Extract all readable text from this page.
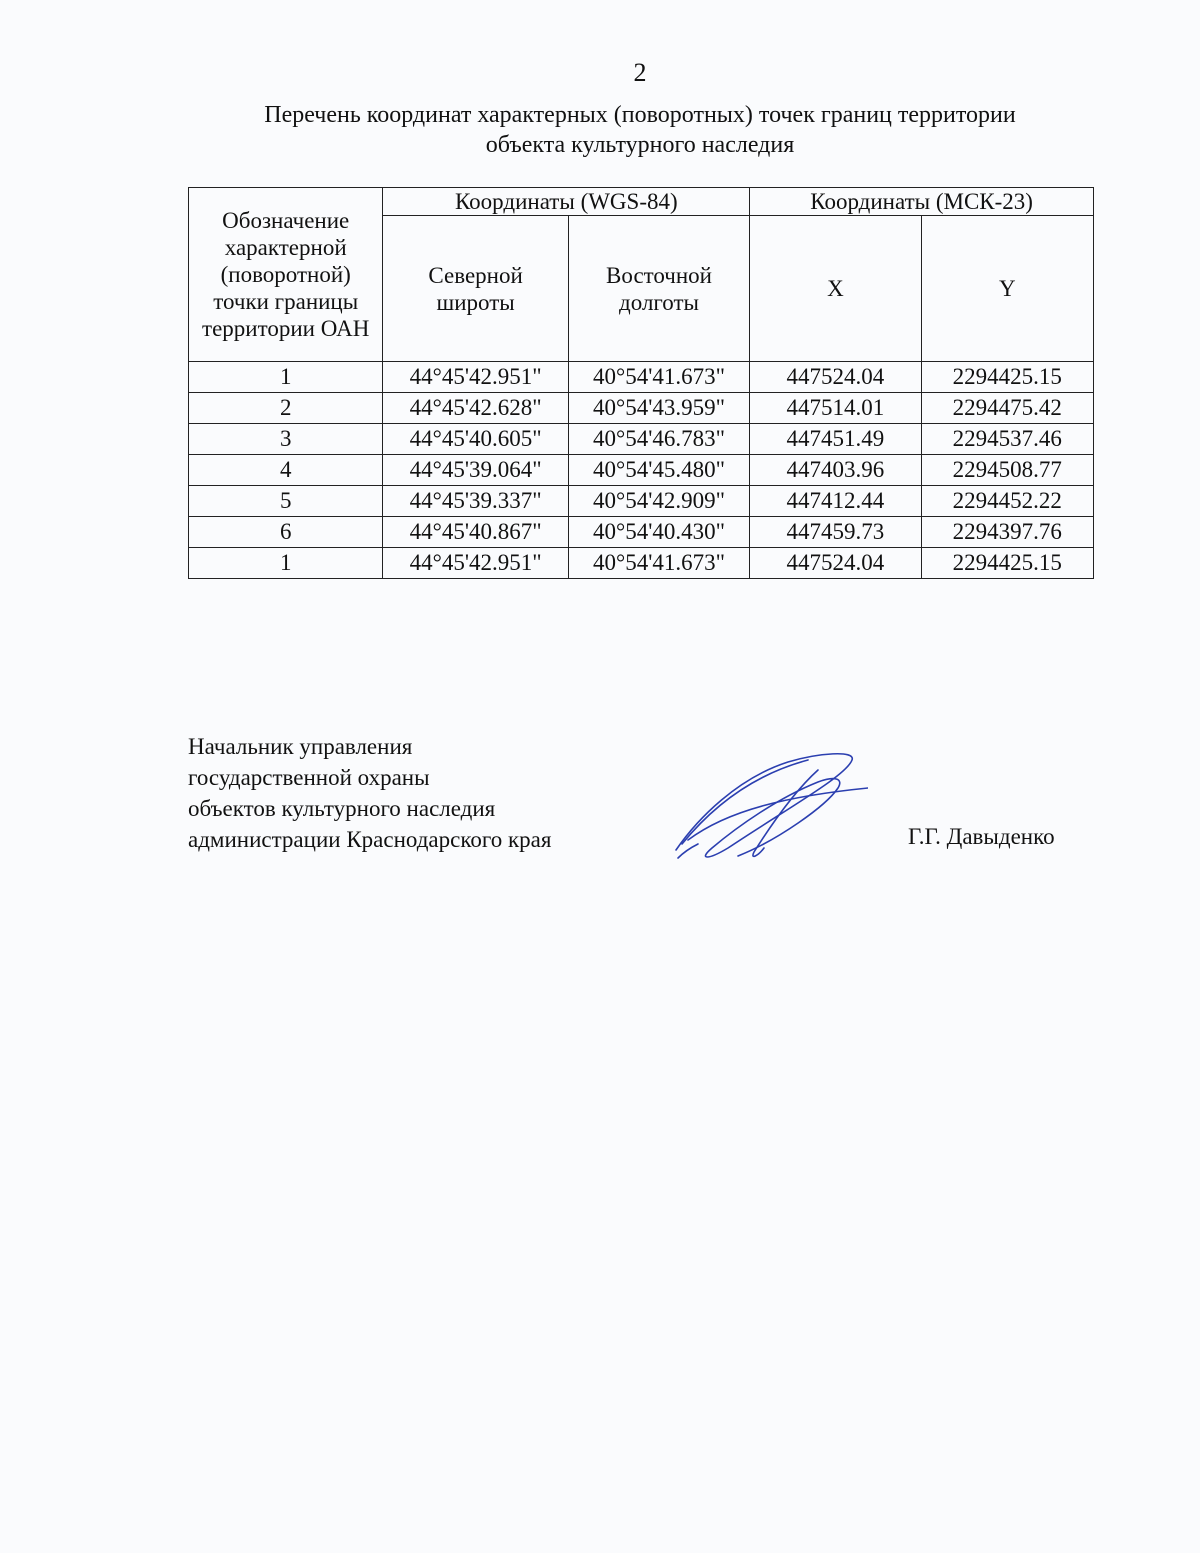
2
Перечень координат характерных (поворотных) точек границ территории
объекта культурного наследия
Обозначение характерной (поворотной) точки границы территории ОАН	Координаты (WGS-84)		Координаты (МСК-23)	
	Северной широты	Восточной долготы	X	Y
1	44°45'42.951"	40°54'41.673"	447524.04	2294425.15
2	44°45'42.628"	40°54'43.959"	447514.01	2294475.42
3	44°45'40.605"	40°54'46.783"	447451.49	2294537.46
4	44°45'39.064"	40°54'45.480"	447403.96	2294508.77
5	44°45'39.337"	40°54'42.909"	447412.44	2294452.22
6	44°45'40.867"	40°54'40.430"	447459.73	2294397.76
1	44°45'42.951"	40°54'41.673"	447524.04	2294425.15
Начальник управления
государственной охраны
объектов культурного наследия
администрации Краснодарского края	Г.Г. Давыденко
